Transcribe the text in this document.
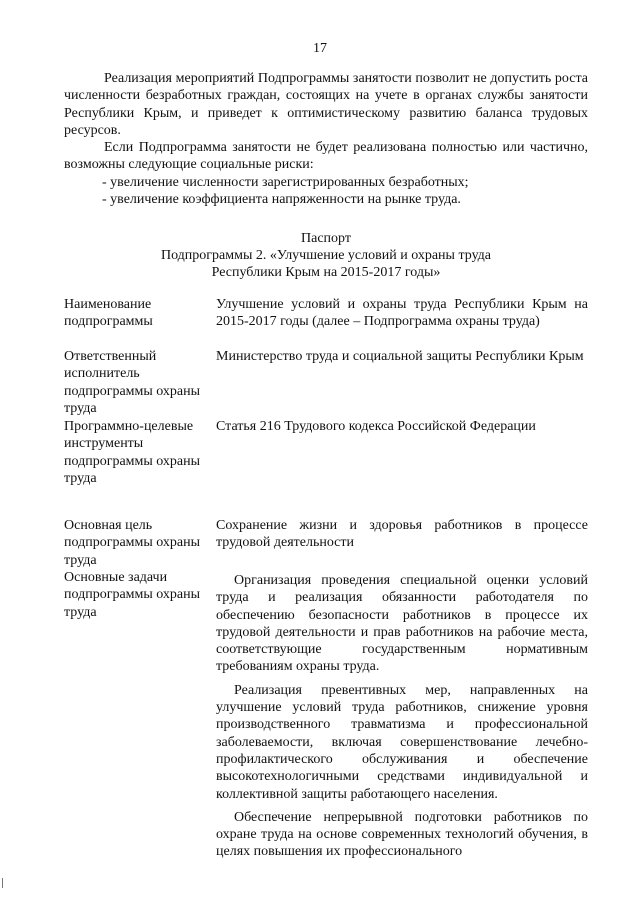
17

Реализация мероприятий Подпрограммы занятости позволит не допустить роста численности безработных граждан, состоящих на учете в органах службы занятости Республики Крым, и приведет к оптимистическому развитию баланса трудовых ресурсов.

Если Подпрограмма занятости не будет реализована полностью или частично, возможны следующие социальные риски:

- увеличение численности зарегистрированных безработных;

- увеличение коэффициента напряженности на рынке труда.

Паспорт
Подпрограммы 2. «Улучшение условий и охраны труда
Республики Крым на 2015-2017 годы»
Наименование подпрограммы

Улучшение условий и охраны труда Республики Крым на 2015-2017 годы (далее – Подпрограмма охраны труда)

Ответственный исполнитель подпрограммы охраны труда

Министерство труда и социальной защиты Республики Крым

Программно-целевые инструменты подпрограммы охраны труда

Статья 216 Трудового кодекса Российской Федерации

Основная цель подпрограммы охраны труда

Сохранение жизни и здоровья работников в процессе трудовой деятельности

Основные задачи подпрограммы охраны труда

Организация проведения специальной оценки условий труда и реализация обязанности работодателя по обеспечению безопасности работников в процессе их трудовой деятельности и прав работников на рабочие места, соответствующие государственным нормативным требованиям охраны труда.

Реализация превентивных мер, направленных на улучшение условий труда работников, снижение уровня производственного травматизма и профессиональной заболеваемости, включая совершенствование лечебно-профилактического обслуживания и обеспечение высокотехнологичными средствами индивидуальной и коллективной защиты работающего населения.

Обеспечение непрерывной подготовки работников по охране труда на основе современных технологий обучения, в целях повышения их профессионального
